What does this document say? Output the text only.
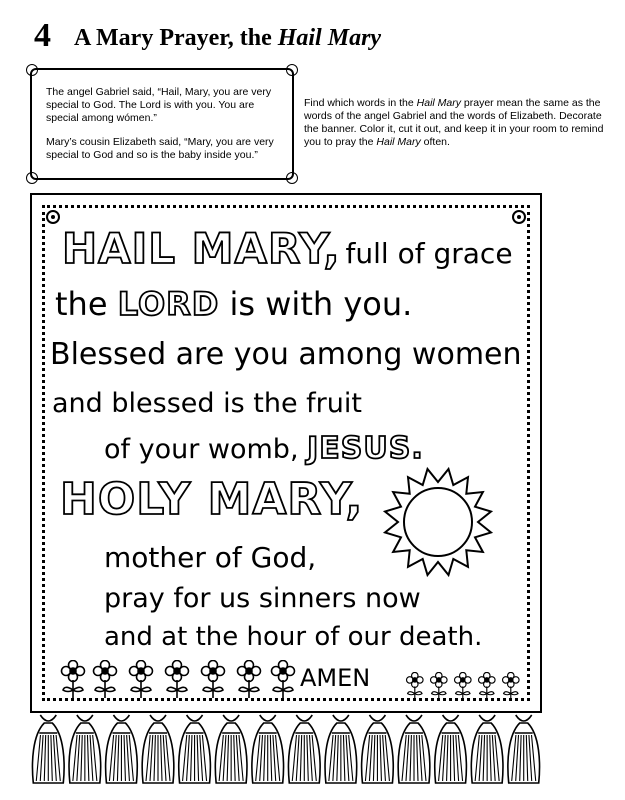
4 A Mary Prayer, the Hail Mary
The angel Gabriel said, “Hail, Mary, you are very special to God. The Lord is with you. You are special among wómen.”
Mary’s cousin Elizabeth said, “Mary, you are very special to God and so is the baby inside you.”
Find which words in the Hail Mary prayer mean the same as the words of the angel Gabriel and the words of Elizabeth. Decorate the banner. Color it, cut it out, and keep it in your room to remind you to pray the Hail Mary often.
HAIL MARY, full of grace
the LORD is with you.
Blessed are you among women
and blessed is the fruit
of your womb, JESUS.
HOLY MARY,
mother of God,
pray for us sinners now
and at the hour of our death.
AMEN
